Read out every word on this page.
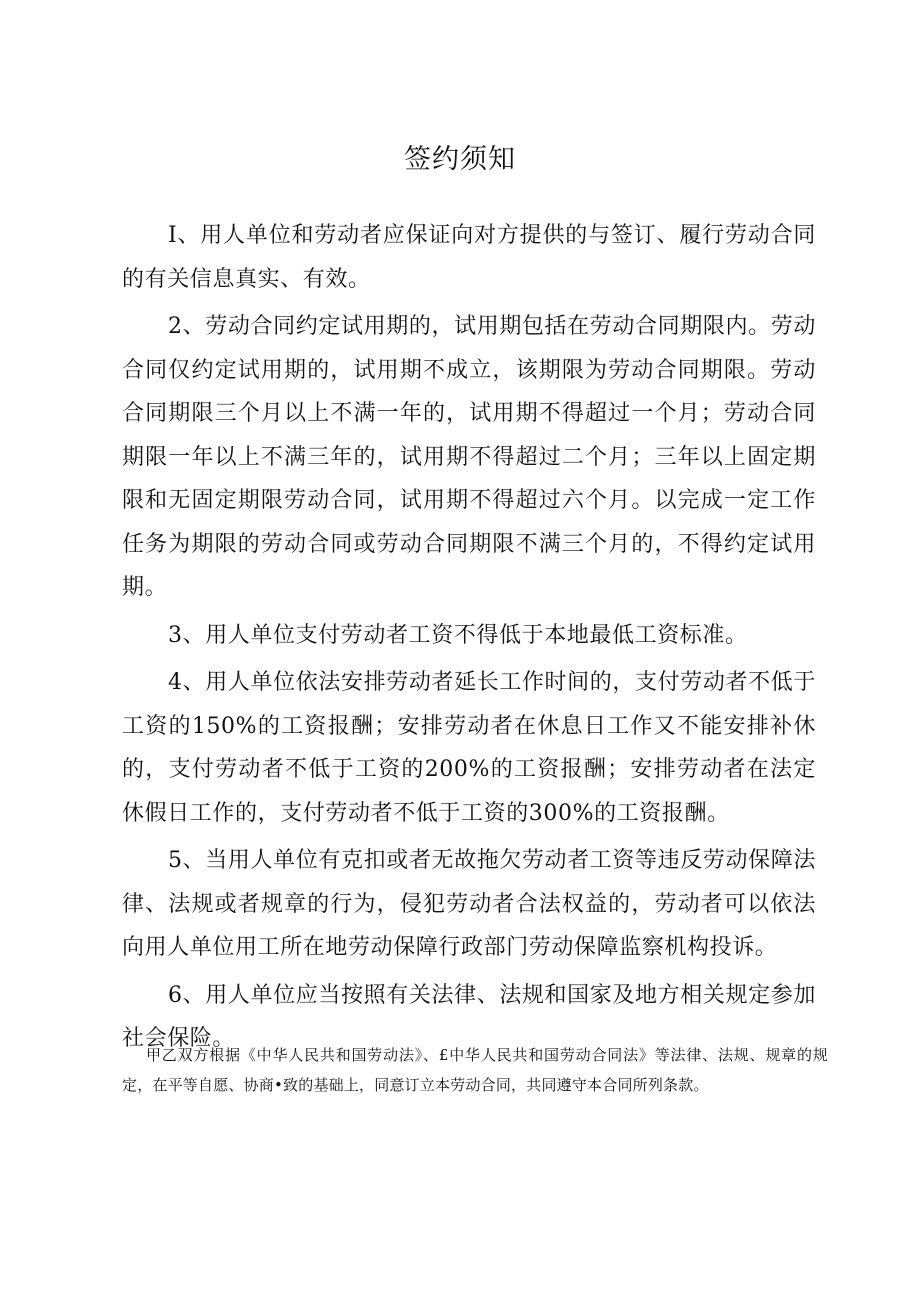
签约须知

I、用人单位和劳动者应保证向对方提供的与签订、履行劳动合同的有关信息真实、有效。

2、劳动合同约定试用期的，试用期包括在劳动合同期限内。劳动合同仅约定试用期的，试用期不成立，该期限为劳动合同期限。劳动合同期限三个月以上不满一年的，试用期不得超过一个月；劳动合同期限一年以上不满三年的，试用期不得超过二个月；三年以上固定期限和无固定期限劳动合同，试用期不得超过六个月。以完成一定工作任务为期限的劳动合同或劳动合同期限不满三个月的，不得约定试用期。

3、用人单位支付劳动者工资不得低于本地最低工资标准。

4、用人单位依法安排劳动者延长工作时间的，支付劳动者不低于工资的150%的工资报酬；安排劳动者在休息日工作又不能安排补休的，支付劳动者不低于工资的200%的工资报酬；安排劳动者在法定休假日工作的，支付劳动者不低于工资的300%的工资报酬。

5、当用人单位有克扣或者无故拖欠劳动者工资等违反劳动保障法律、法规或者规章的行为，侵犯劳动者合法权益的，劳动者可以依法向用人单位用工所在地劳动保障行政部门劳动保障监察机构投诉。

6、用人单位应当按照有关法律、法规和国家及地方相关规定参加社会保险。

甲乙双方根据《中华人民共和国劳动法》、£中华人民共和国劳动合同法》等法律、法规、规章的规定，在平等自愿、协商•致的基础上，同意订立本劳动合同，共同遵守本合同所列条款。
